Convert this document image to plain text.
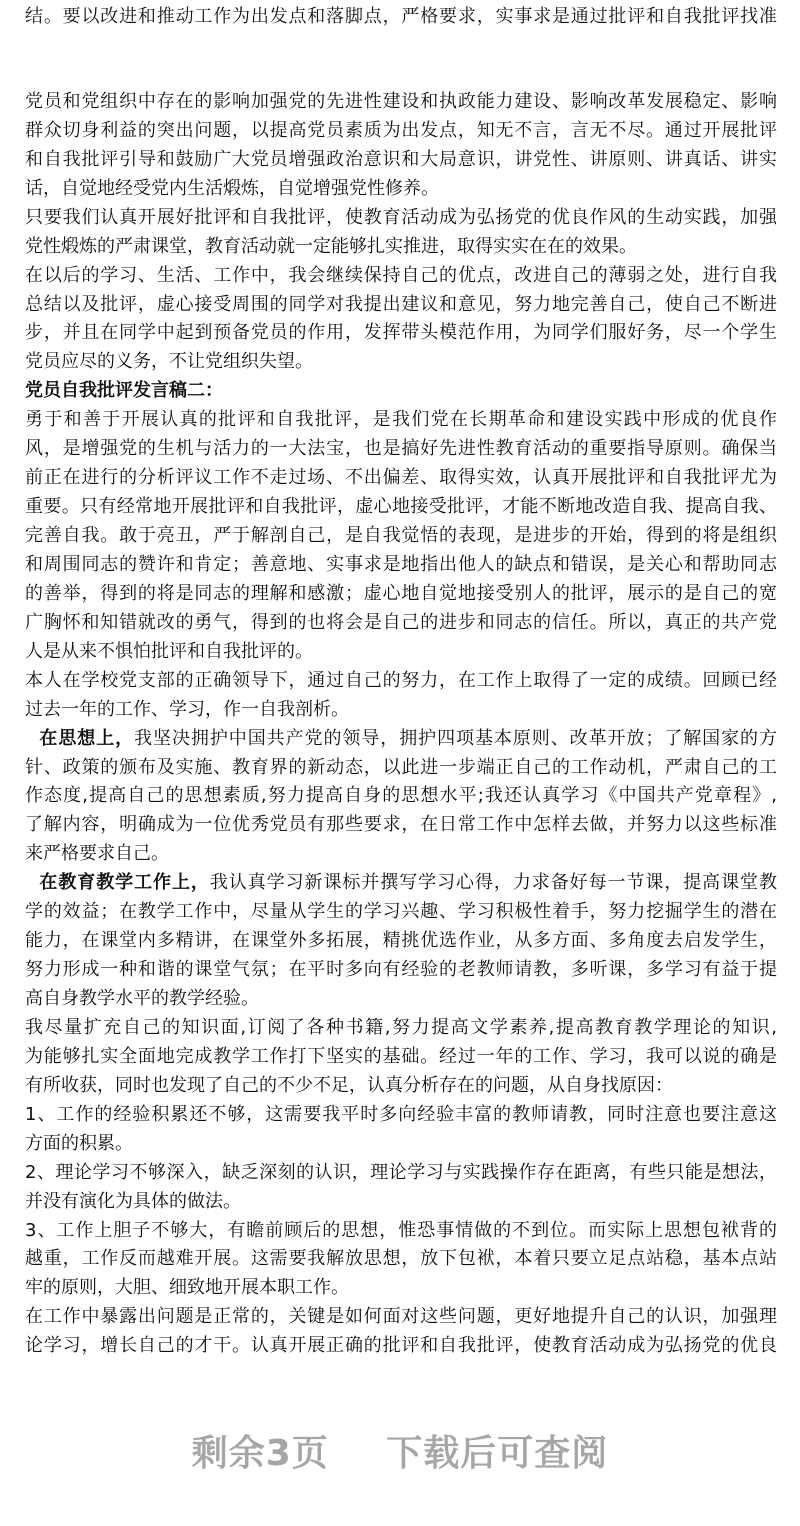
结。要以改进和推动工作为出发点和落脚点，严格要求，实事求是通过批评和自我批评找准
党员和党组织中存在的影响加强党的先进性建设和执政能力建设、影响改革发展稳定、影响
群众切身利益的突出问题，以提高党员素质为出发点，知无不言，言无不尽。通过开展批评
和自我批评引导和鼓励广大党员增强政治意识和大局意识，讲党性、讲原则、讲真话、讲实
话，自觉地经受党内生活煅炼，自觉增强党性修养。
只要我们认真开展好批评和自我批评，使教育活动成为弘扬党的优良作风的生动实践，加强
党性煅炼的严肃课堂，教育活动就一定能够扎实推进，取得实实在在的效果。
在以后的学习、生活、工作中，我会继续保持自己的优点，改进自己的薄弱之处，进行自我
总结以及批评，虚心接受周围的同学对我提出建议和意见，努力地完善自己，使自己不断进
步，并且在同学中起到预备党员的作用，发挥带头模范作用，为同学们服好务，尽一个学生
党员应尽的义务，不让党组织失望。
党员自我批评发言稿二：
勇于和善于开展认真的批评和自我批评，是我们党在长期革命和建设实践中形成的优良作
风，是增强党的生机与活力的一大法宝，也是搞好先进性教育活动的重要指导原则。确保当
前正在进行的分析评议工作不走过场、不出偏差、取得实效，认真开展批评和自我批评尤为
重要。只有经常地开展批评和自我批评，虚心地接受批评，才能不断地改造自我、提高自我、
完善自我。敢于亮丑，严于解剖自己，是自我觉悟的表现，是进步的开始，得到的将是组织
和周围同志的赞许和肯定；善意地、实事求是地指出他人的缺点和错误，是关心和帮助同志
的善举，得到的将是同志的理解和感激；虚心地自觉地接受别人的批评，展示的是自己的宽
广胸怀和知错就改的勇气，得到的也将会是自己的进步和同志的信任。所以，真正的共产党
人是从来不惧怕批评和自我批评的。
本人在学校党支部的正确领导下，通过自己的努力，在工作上取得了一定的成绩。回顾已经
过去一年的工作、学习，作一自我剖析。
在思想上，我坚决拥护中国共产党的领导，拥护四项基本原则、改革开放；了解国家的方
针、政策的颁布及实施、教育界的新动态，以此进一步端正自己的工作动机，严肃自己的工
作态度,提高自己的思想素质,努力提高自身的思想水平;我还认真学习《中国共产党章程》,
了解内容，明确成为一位优秀党员有那些要求，在日常工作中怎样去做，并努力以这些标准
来严格要求自己。
在教育教学工作上，我认真学习新课标并撰写学习心得，力求备好每一节课，提高课堂教
学的效益；在教学工作中，尽量从学生的学习兴趣、学习积极性着手，努力挖掘学生的潜在
能力，在课堂内多精讲，在课堂外多拓展，精挑优选作业，从多方面、多角度去启发学生，
努力形成一种和谐的课堂气氛；在平时多向有经验的老教师请教，多听课，多学习有益于提
高自身教学水平的教学经验。
我尽量扩充自己的知识面,订阅了各种书籍,努力提高文学素养,提高教育教学理论的知识,
为能够扎实全面地完成教学工作打下坚实的基础。经过一年的工作、学习，我可以说的确是
有所收获，同时也发现了自己的不少不足，认真分析存在的问题，从自身找原因：
1、工作的经验积累还不够，这需要我平时多向经验丰富的教师请教，同时注意也要注意这
方面的积累。
2、理论学习不够深入，缺乏深刻的认识，理论学习与实践操作存在距离，有些只能是想法，
并没有演化为具体的做法。
3、工作上胆子不够大，有瞻前顾后的思想，惟恐事情做的不到位。而实际上思想包袱背的
越重，工作反而越难开展。这需要我解放思想，放下包袱，本着只要立足点站稳，基本点站
牢的原则，大胆、细致地开展本职工作。
在工作中暴露出问题是正常的，关键是如何面对这些问题，更好地提升自己的认识，加强理
论学习，增长自己的才干。认真开展正确的批评和自我批评，使教育活动成为弘扬党的优良
剩余3页 下载后可查阅
